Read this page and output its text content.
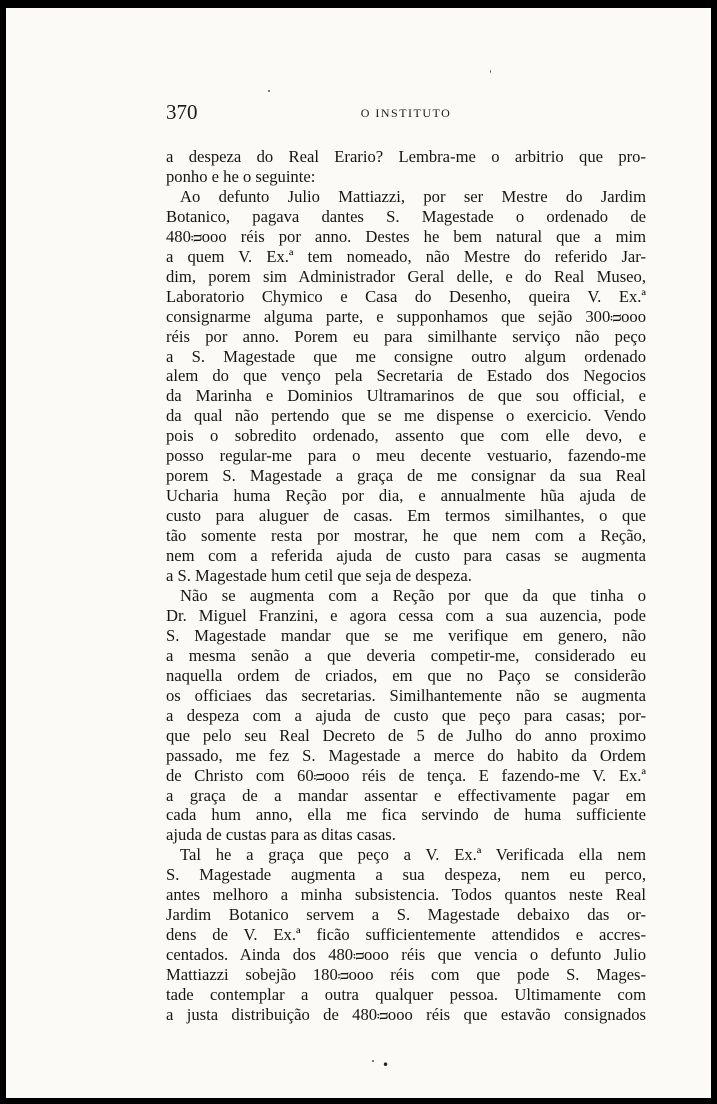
370	O INSTITUTO
a despeza do Real Erario? Lembra-me o arbitrio que pro-
ponho e he o seguinte:
Ao defunto Julio Mattiazzi, por ser Mestre do Jardim
Botanico, pagava dantes S. Magestade o ordenado de
480ᴞooo réis por anno. Destes he bem natural que a mim
a quem V. Ex.ª tem nomeado, não Mestre do referido Jar-
dim, porem sim Administrador Geral delle, e do Real Museo,
Laboratorio Chymico e Casa do Desenho, queira V. Ex.ª
consignarme alguma parte, e supponhamos que sejão 300ᴞooo
réis por anno. Porem eu para similhante serviço não peço
a S. Magestade que me consigne outro algum ordenado
alem do que venço pela Secretaria de Estado dos Negocios
da Marinha e Dominios Ultramarinos de que sou official, e
da qual não pertendo que se me dispense o exercicio. Vendo
pois o sobredito ordenado, assento que com elle devo, e
posso regular-me para o meu decente vestuario, fazendo-me
porem S. Magestade a graça de me consignar da sua Real
Ucharia huma Reção por dia, e annualmente hũa ajuda de
custo para aluguer de casas. Em termos similhantes, o que
tão somente resta por mostrar, he que nem com a Reção,
nem com a referida ajuda de custo para casas se augmenta
a S. Magestade hum cetil que seja de despeza.
Não se augmenta com a Reção por que da que tinha o
Dr. Miguel Franzini, e agora cessa com a sua auzencia, pode
S. Magestade mandar que se me verifique em genero, não
a mesma senão a que deveria competir-me, considerado eu
naquella ordem de criados, em que no Paço se considerão
os officiaes das secretarias. Similhantemente não se augmenta
a despeza com a ajuda de custo que peço para casas; por-
que pelo seu Real Decreto de 5 de Julho do anno proximo
passado, me fez S. Magestade a merce do habito da Ordem
de Christo com 60ᴞooo réis de tença. E fazendo-me V. Ex.ª
a graça de a mandar assentar e effectivamente pagar em
cada hum anno, ella me fica servindo de huma sufficiente
ajuda de custas para as ditas casas.
Tal he a graça que peço a V. Ex.ª Verificada ella nem
S. Magestade augmenta a sua despeza, nem eu perco,
antes melhoro a minha subsistencia. Todos quantos neste Real
Jardim Botanico servem a S. Magestade debaixo das or-
dens de V. Ex.ª ficão sufficientemente attendidos e accres-
centados. Ainda dos 480ᴞooo réis que vencia o defunto Julio
Mattiazzi sobejão 180ᴞooo réis com que pode S. Mages-
tade contemplar a outra qualquer pessoa. Ultimamente com
a justa distribuição de 480ᴞooo réis que estavão consignados
•
